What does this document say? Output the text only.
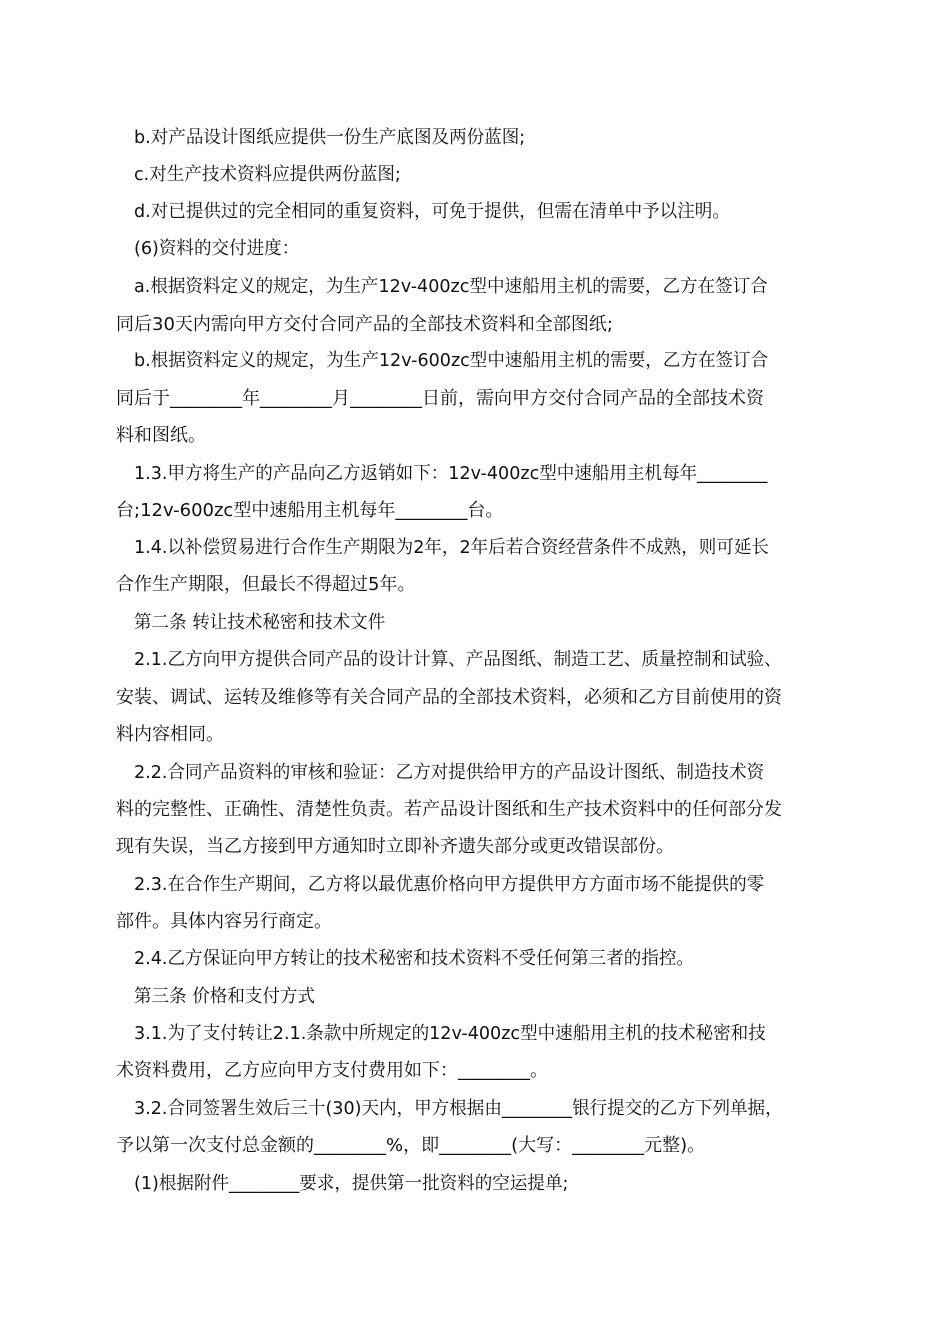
b.对产品设计图纸应提供一份生产底图及两份蓝图;
c.对生产技术资料应提供两份蓝图;
d.对已提供过的完全相同的重复资料，可免于提供，但需在清单中予以注明。
(6)资料的交付进度：
a.根据资料定义的规定，为生产12v-400zc型中速船用主机的需要，乙方在签订合
同后30天内需向甲方交付合同产品的全部技术资料和全部图纸;
b.根据资料定义的规定，为生产12v-600zc型中速船用主机的需要，乙方在签订合
同后于________年________月________日前，需向甲方交付合同产品的全部技术资
料和图纸。
1.3.甲方将生产的产品向乙方返销如下：12v-400zc型中速船用主机每年________
台;12v-600zc型中速船用主机每年________台。
1.4.以补偿贸易进行合作生产期限为2年，2年后若合资经营条件不成熟，则可延长
合作生产期限，但最长不得超过5年。
第二条 转让技术秘密和技术文件
2.1.乙方向甲方提供合同产品的设计计算、产品图纸、制造工艺、质量控制和试验、
安装、调试、运转及维修等有关合同产品的全部技术资料，必须和乙方目前使用的资
料内容相同。
2.2.合同产品资料的审核和验证：乙方对提供给甲方的产品设计图纸、制造技术资
料的完整性、正确性、清楚性负责。若产品设计图纸和生产技术资料中的任何部分发
现有失误，当乙方接到甲方通知时立即补齐遗失部分或更改错误部份。
2.3.在合作生产期间，乙方将以最优惠价格向甲方提供甲方方面市场不能提供的零
部件。具体内容另行商定。
2.4.乙方保证向甲方转让的技术秘密和技术资料不受任何第三者的指控。
第三条 价格和支付方式
3.1.为了支付转让2.1.条款中所规定的12v-400zc型中速船用主机的技术秘密和技
术资料费用，乙方应向甲方支付费用如下：________。
3.2.合同签署生效后三十(30)天内，甲方根据由________银行提交的乙方下列单据，
予以第一次支付总金额的________%，即________(大写：________元整)。
(1)根据附件________要求，提供第一批资料的空运提单;
